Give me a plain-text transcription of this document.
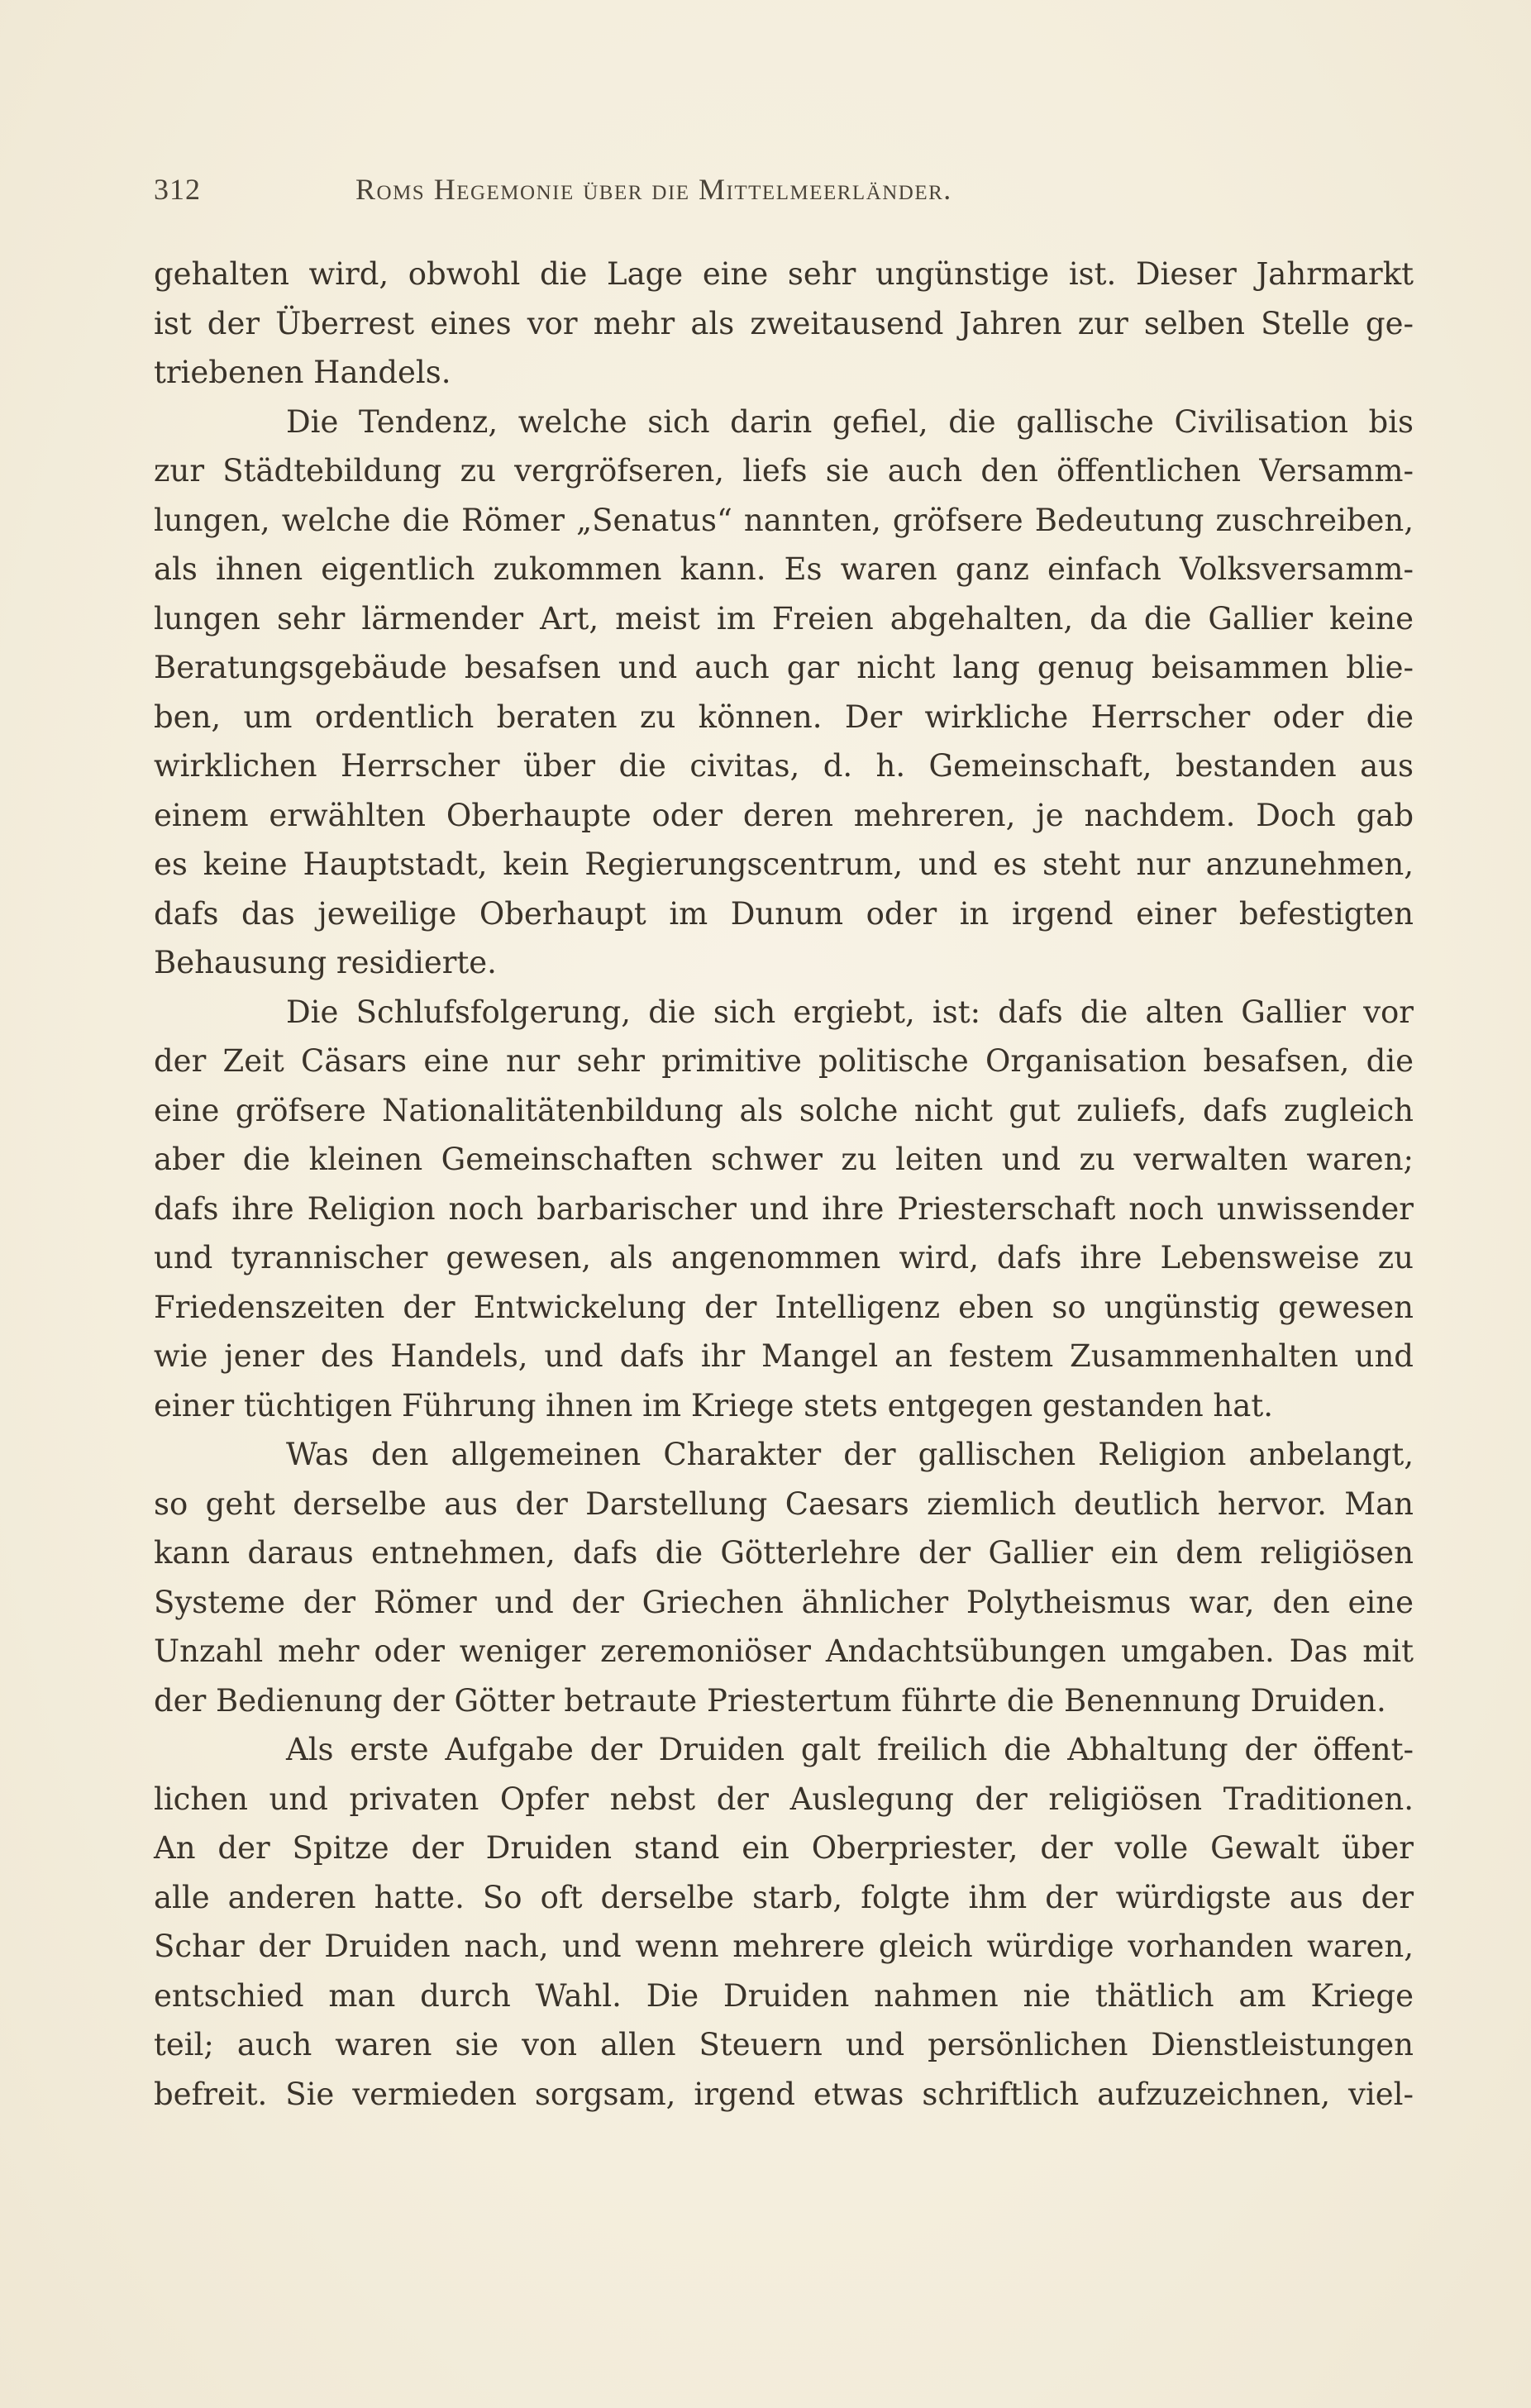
312	Roms Hegemonie über die Mittelmeerländer.
gehalten wird, obwohl die Lage eine sehr ungünstige ist. Dieser Jahrmarkt
ist der Überrest eines vor mehr als zweitausend Jahren zur selben Stelle ge-
triebenen Handels.
Die Tendenz, welche sich darin gefiel, die gallische Civilisation bis
zur Städtebildung zu vergröfseren, liefs sie auch den öffentlichen Versamm-
lungen, welche die Römer „Senatus“ nannten, gröfsere Bedeutung zuschreiben,
als ihnen eigentlich zukommen kann. Es waren ganz einfach Volksversamm-
lungen sehr lärmender Art, meist im Freien abgehalten, da die Gallier keine
Beratungsgebäude besafsen und auch gar nicht lang genug beisammen blie-
ben, um ordentlich beraten zu können. Der wirkliche Herrscher oder die
wirklichen Herrscher über die civitas, d. h. Gemeinschaft, bestanden aus
einem erwählten Oberhaupte oder deren mehreren, je nachdem. Doch gab
es keine Hauptstadt, kein Regierungscentrum, und es steht nur anzunehmen,
dafs das jeweilige Oberhaupt im Dunum oder in irgend einer befestigten
Behausung residierte.
Die Schlufsfolgerung, die sich ergiebt, ist: dafs die alten Gallier vor
der Zeit Cäsars eine nur sehr primitive politische Organisation besafsen, die
eine gröfsere Nationalitätenbildung als solche nicht gut zuliefs, dafs zugleich
aber die kleinen Gemeinschaften schwer zu leiten und zu verwalten waren;
dafs ihre Religion noch barbarischer und ihre Priesterschaft noch unwissender
und tyrannischer gewesen, als angenommen wird, dafs ihre Lebensweise zu
Friedenszeiten der Entwickelung der Intelligenz eben so ungünstig gewesen
wie jener des Handels, und dafs ihr Mangel an festem Zusammenhalten und
einer tüchtigen Führung ihnen im Kriege stets entgegen gestanden hat.
Was den allgemeinen Charakter der gallischen Religion anbelangt,
so geht derselbe aus der Darstellung Caesars ziemlich deutlich hervor. Man
kann daraus entnehmen, dafs die Götterlehre der Gallier ein dem religiösen
Systeme der Römer und der Griechen ähnlicher Polytheismus war, den eine
Unzahl mehr oder weniger zeremoniöser Andachtsübungen umgaben. Das mit
der Bedienung der Götter betraute Priestertum führte die Benennung Druiden.
Als erste Aufgabe der Druiden galt freilich die Abhaltung der öffent-
lichen und privaten Opfer nebst der Auslegung der religiösen Traditionen.
An der Spitze der Druiden stand ein Oberpriester, der volle Gewalt über
alle anderen hatte. So oft derselbe starb, folgte ihm der würdigste aus der
Schar der Druiden nach, und wenn mehrere gleich würdige vorhanden waren,
entschied man durch Wahl. Die Druiden nahmen nie thätlich am Kriege
teil; auch waren sie von allen Steuern und persönlichen Dienstleistungen
befreit. Sie vermieden sorgsam, irgend etwas schriftlich aufzuzeichnen, viel-
